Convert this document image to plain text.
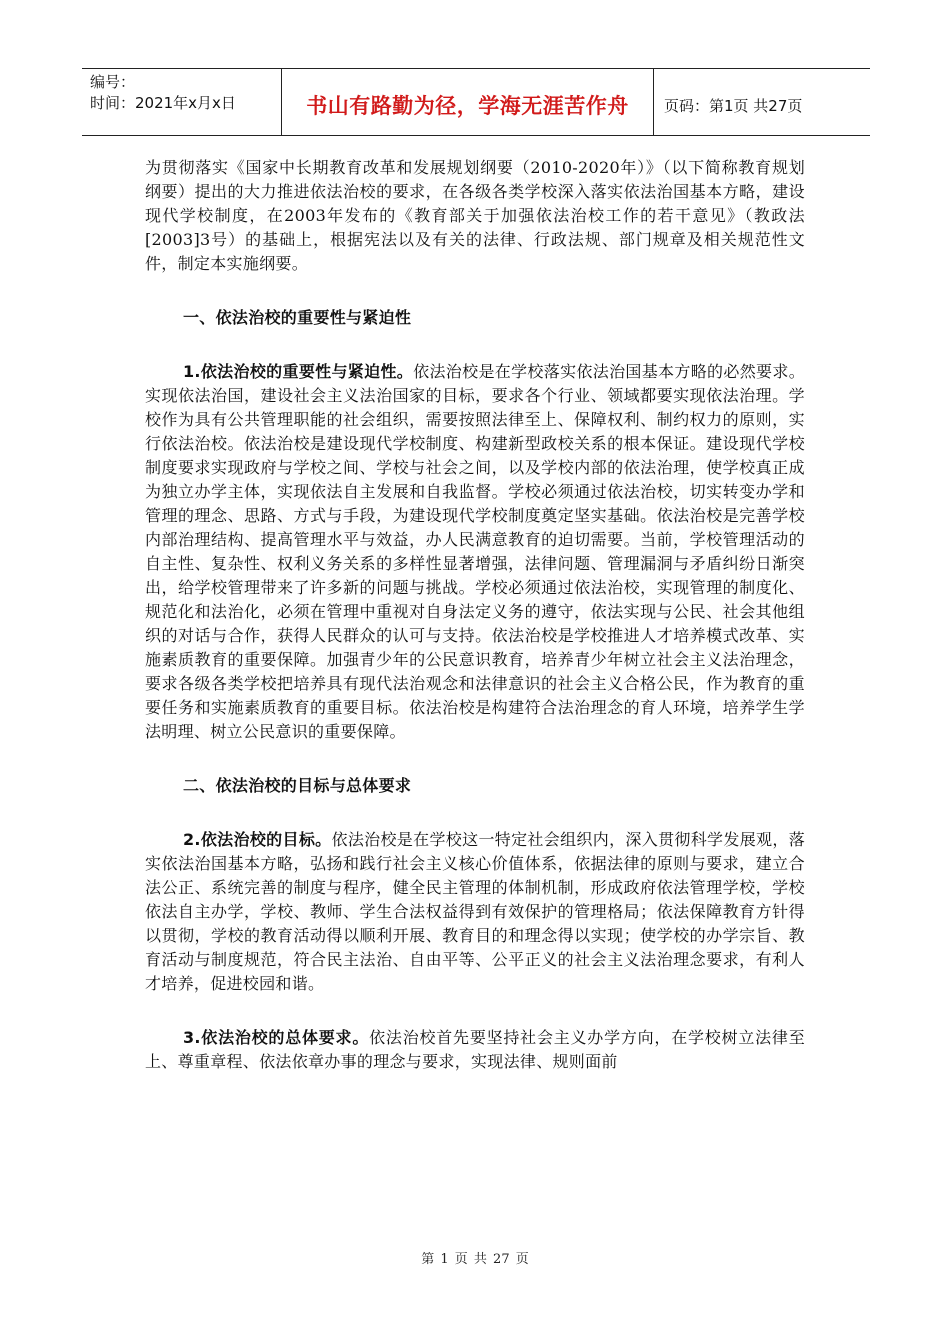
编号：
时间：2021年x月x日	书山有路勤为径，学海无涯苦作舟	页码：第1页 共27页

为贯彻落实《国家中长期教育改革和发展规划纲要（2010-2020年）》（以下简称教育规划纲要）提出的大力推进依法治校的要求，在各级各类学校深入落实依法治国基本方略，建设现代学校制度，在2003年发布的《教育部关于加强依法治校工作的若干意见》（教政法[2003]3号）的基础上，根据宪法以及有关的法律、行政法规、部门规章及相关规范性文件，制定本实施纲要。

一、依法治校的重要性与紧迫性

1.依法治校的重要性与紧迫性。依法治校是在学校落实依法治国基本方略的必然要求。实现依法治国，建设社会主义法治国家的目标，要求各个行业、领域都要实现依法治理。学校作为具有公共管理职能的社会组织，需要按照法律至上、保障权利、制约权力的原则，实行依法治校。依法治校是建设现代学校制度、构建新型政校关系的根本保证。建设现代学校制度要求实现政府与学校之间、学校与社会之间，以及学校内部的依法治理，使学校真正成为独立办学主体，实现依法自主发展和自我监督。学校必须通过依法治校，切实转变办学和管理的理念、思路、方式与手段，为建设现代学校制度奠定坚实基础。依法治校是完善学校内部治理结构、提高管理水平与效益，办人民满意教育的迫切需要。当前，学校管理活动的自主性、复杂性、权利义务关系的多样性显著增强，法律问题、管理漏洞与矛盾纠纷日渐突出，给学校管理带来了许多新的问题与挑战。学校必须通过依法治校，实现管理的制度化、规范化和法治化，必须在管理中重视对自身法定义务的遵守，依法实现与公民、社会其他组织的对话与合作，获得人民群众的认可与支持。依法治校是学校推进人才培养模式改革、实施素质教育的重要保障。加强青少年的公民意识教育，培养青少年树立社会主义法治理念，要求各级各类学校把培养具有现代法治观念和法律意识的社会主义合格公民，作为教育的重要任务和实施素质教育的重要目标。依法治校是构建符合法治理念的育人环境，培养学生学法明理、树立公民意识的重要保障。

二、依法治校的目标与总体要求

2.依法治校的目标。依法治校是在学校这一特定社会组织内，深入贯彻科学发展观，落实依法治国基本方略，弘扬和践行社会主义核心价值体系，依据法律的原则与要求，建立合法公正、系统完善的制度与程序，健全民主管理的体制机制，形成政府依法管理学校，学校依法自主办学，学校、教师、学生合法权益得到有效保护的管理格局；依法保障教育方针得以贯彻，学校的教育活动得以顺利开展、教育目的和理念得以实现；使学校的办学宗旨、教育活动与制度规范，符合民主法治、自由平等、公平正义的社会主义法治理念要求，有利人才培养，促进校园和谐。

3.依法治校的总体要求。依法治校首先要坚持社会主义办学方向，在学校树立法律至上、尊重章程、依法依章办事的理念与要求，实现法律、规则面前

第 1 页 共 27 页
